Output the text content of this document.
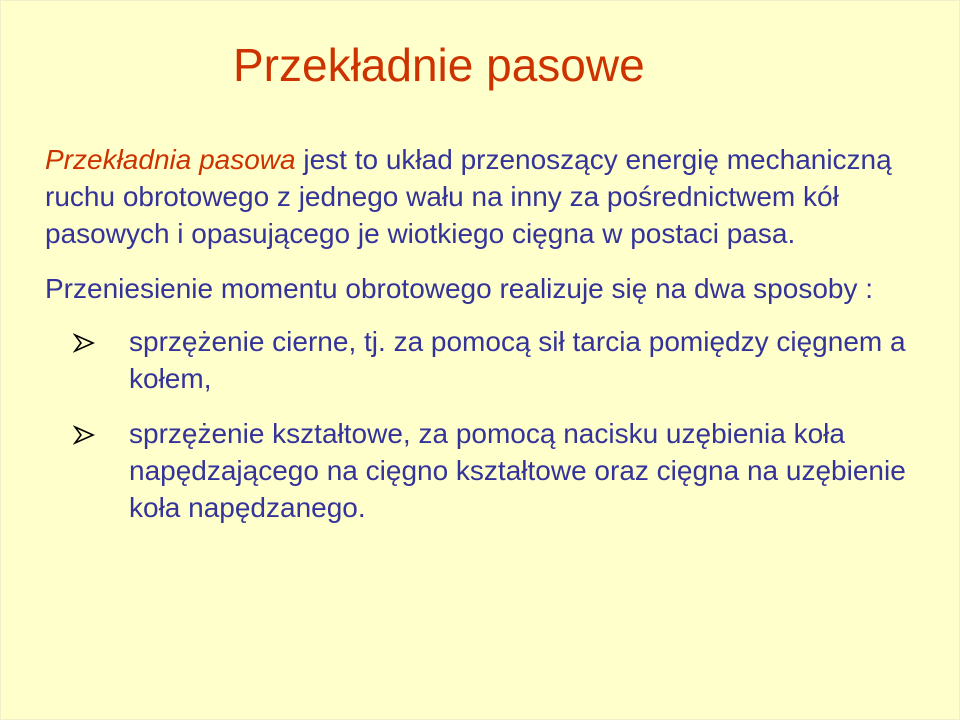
Przekładnie pasowe

Przekładnia pasowa jest to układ przenoszący energię mechaniczną ruchu obrotowego z jednego wału na inny za pośrednictwem kół pasowych i opasującego je wiotkiego cięgna w postaci pasa.

Przeniesienie momentu obrotowego realizuje się na dwa sposoby :

sprzężenie cierne, tj. za pomocą sił tarcia pomiędzy cięgnem a kołem,
sprzężenie kształtowe, za pomocą nacisku uzębienia koła napędzającego na cięgno kształtowe oraz cięgna na uzębienie koła napędzanego.
